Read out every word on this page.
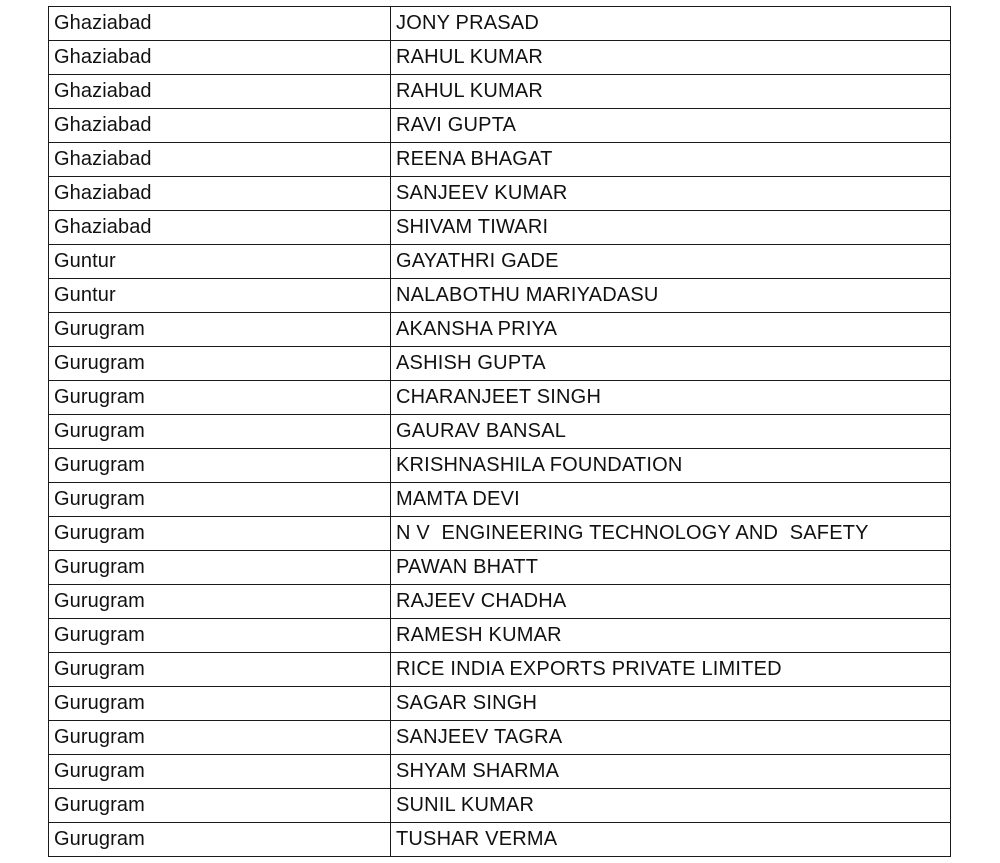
Ghaziabad	JONY PRASAD
Ghaziabad	RAHUL KUMAR
Ghaziabad	RAHUL KUMAR
Ghaziabad	RAVI GUPTA
Ghaziabad	REENA BHAGAT
Ghaziabad	SANJEEV KUMAR
Ghaziabad	SHIVAM TIWARI
Guntur	GAYATHRI GADE
Guntur	NALABOTHU MARIYADASU
Gurugram	AKANSHA PRIYA
Gurugram	ASHISH GUPTA
Gurugram	CHARANJEET SINGH
Gurugram	GAURAV BANSAL
Gurugram	KRISHNASHILA FOUNDATION
Gurugram	MAMTA DEVI
Gurugram	N V  ENGINEERING TECHNOLOGY AND  SAFETY
Gurugram	PAWAN BHATT
Gurugram	RAJEEV CHADHA
Gurugram	RAMESH KUMAR
Gurugram	RICE INDIA EXPORTS PRIVATE LIMITED
Gurugram	SAGAR SINGH
Gurugram	SANJEEV TAGRA
Gurugram	SHYAM SHARMA
Gurugram	SUNIL KUMAR
Gurugram	TUSHAR VERMA
